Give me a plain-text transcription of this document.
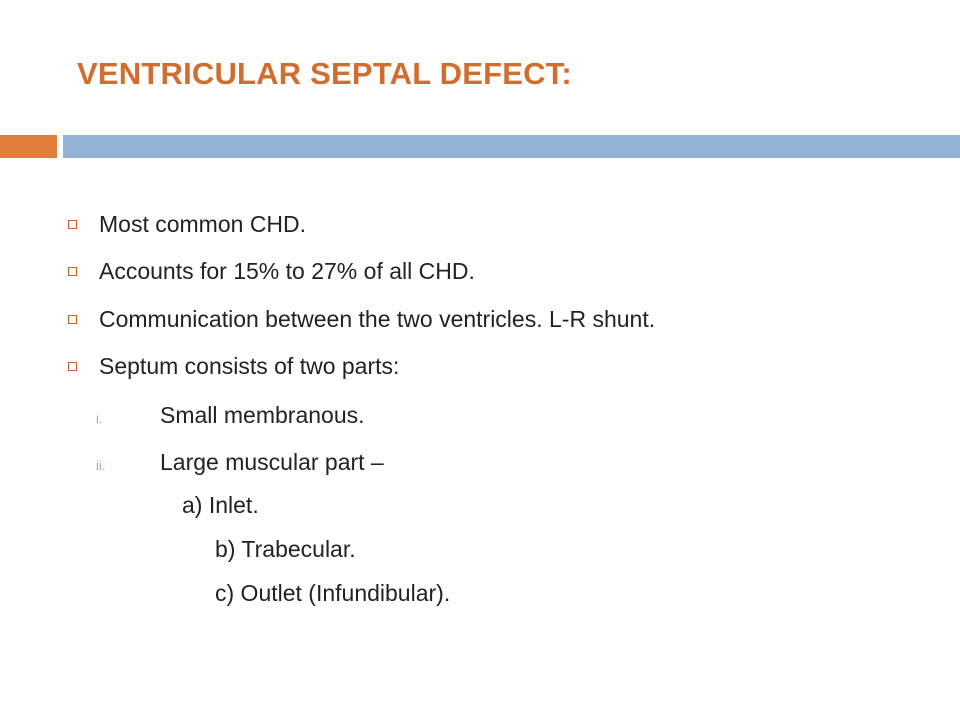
VENTRICULAR SEPTAL DEFECT:
Most common CHD.
Accounts for 15% to 27% of all CHD.
Communication between the two ventricles. L-R shunt.
Septum consists of two parts:
i.	Small membranous.
ii.	Large muscular part –
a) Inlet.
b) Trabecular.
c) Outlet (Infundibular).
